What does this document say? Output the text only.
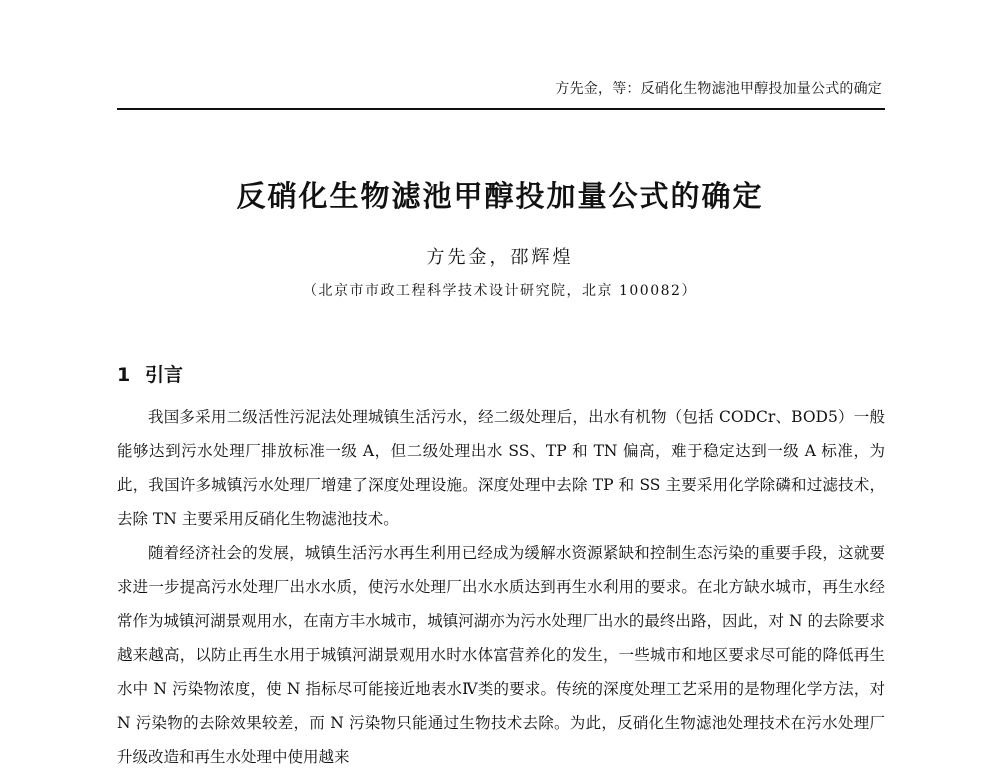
方先金，等：反硝化生物滤池甲醇投加量公式的确定
反硝化生物滤池甲醇投加量公式的确定
方先金，邵辉煌
（北京市市政工程科学技术设计研究院，北京 100082）
1 引言

我国多采用二级活性污泥法处理城镇生活污水，经二级处理后，出水有机物（包括 CODCr、BOD5）一般能够达到污水处理厂排放标准一级 A，但二级处理出水 SS、TP 和 TN 偏高，难于稳定达到一级 A 标准，为此，我国许多城镇污水处理厂增建了深度处理设施。深度处理中去除 TP 和 SS 主要采用化学除磷和过滤技术，去除 TN 主要采用反硝化生物滤池技术。

随着经济社会的发展，城镇生活污水再生利用已经成为缓解水资源紧缺和控制生态污染的重要手段，这就要求进一步提高污水处理厂出水水质，使污水处理厂出水水质达到再生水利用的要求。在北方缺水城市，再生水经常作为城镇河湖景观用水，在南方丰水城市，城镇河湖亦为污水处理厂出水的最终出路，因此，对 N 的去除要求越来越高，以防止再生水用于城镇河湖景观用水时水体富营养化的发生，一些城市和地区要求尽可能的降低再生水中 N 污染物浓度，使 N 指标尽可能接近地表水Ⅳ类的要求。传统的深度处理工艺采用的是物理化学方法，对 N 污染物的去除效果较差，而 N 污染物只能通过生物技术去除。为此，反硝化生物滤池处理技术在污水处理厂升级改造和再生水处理中使用越来
